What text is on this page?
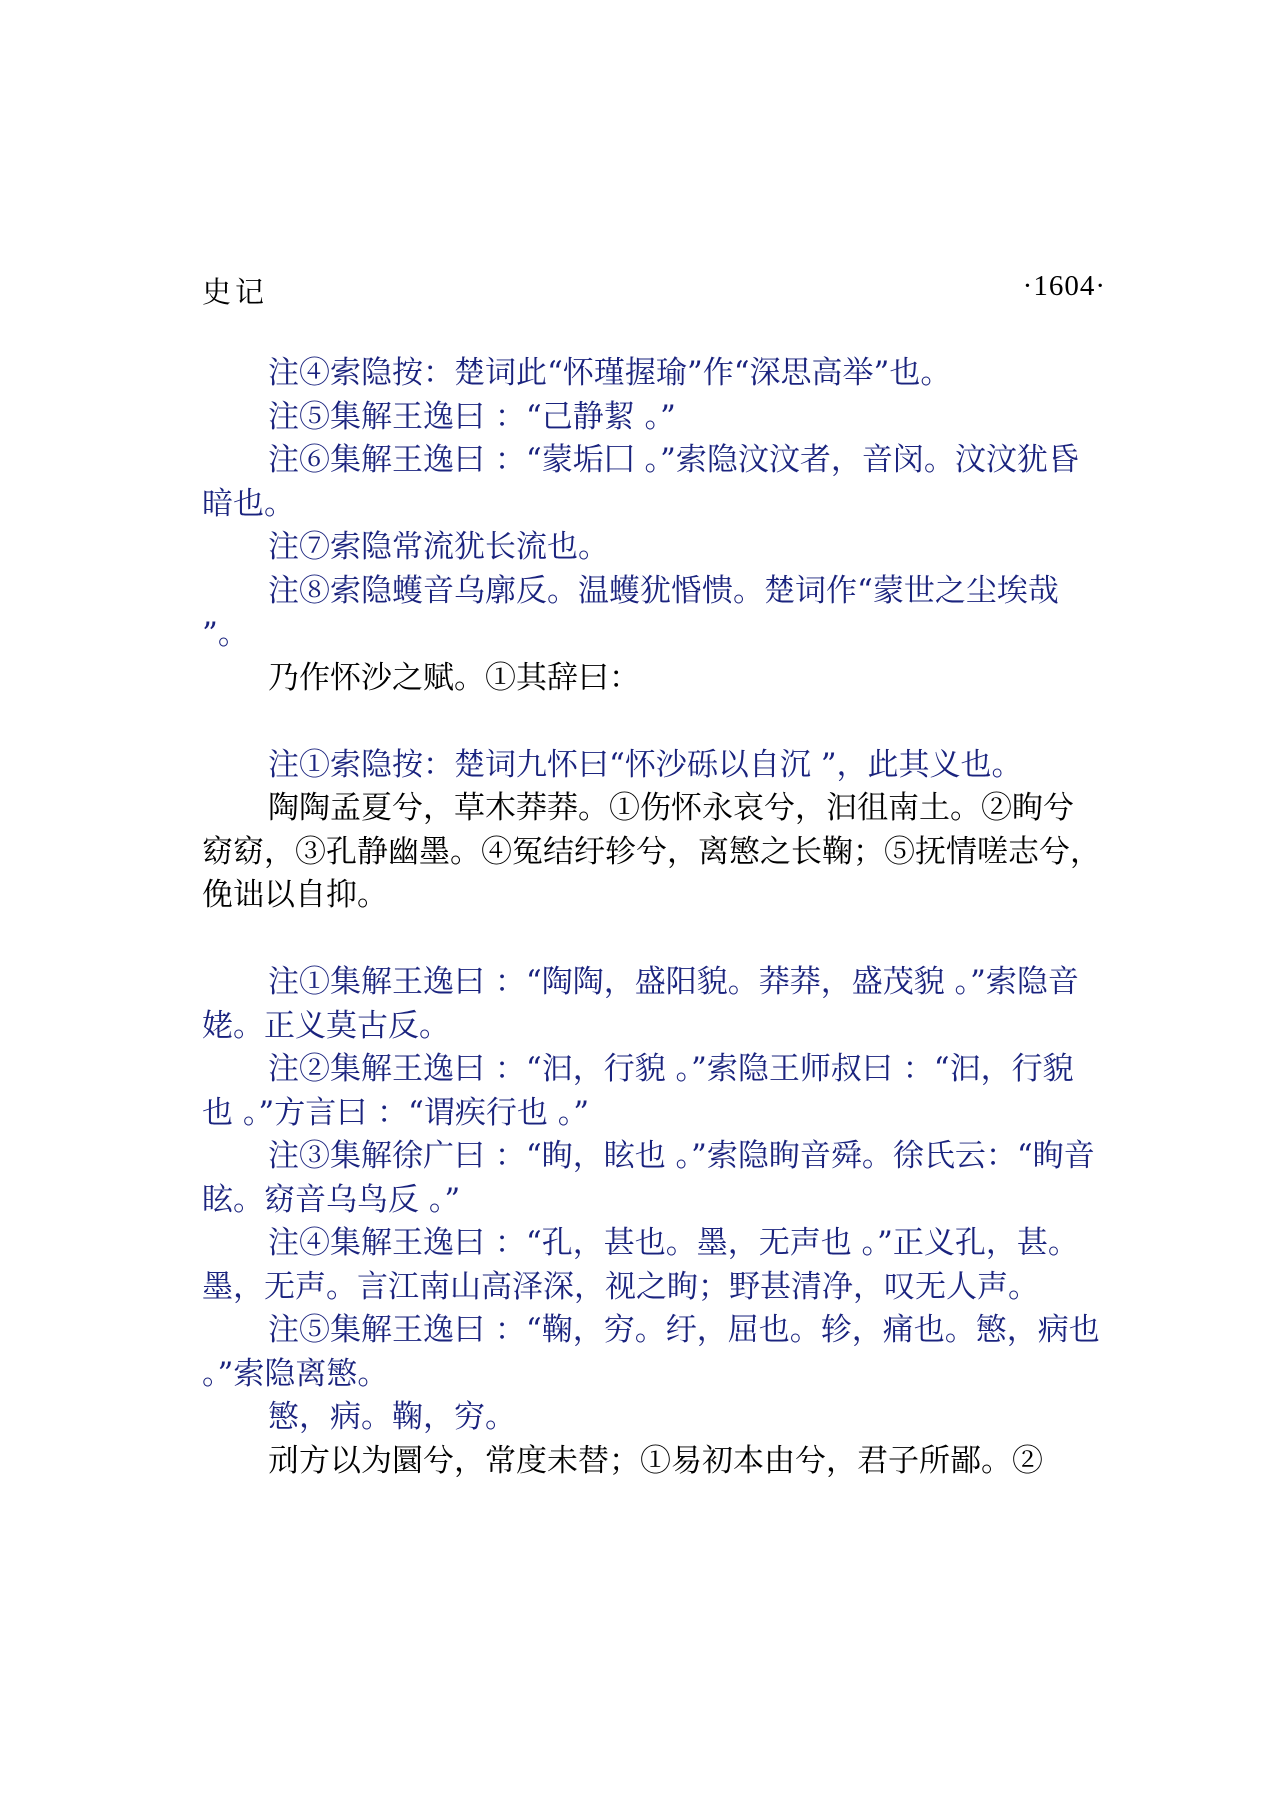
史记	·1604·

注④索隐按：楚词此“怀瑾握瑜”作“深思高举”也。

注⑤集解王逸曰 ：“己静絜 。”

注⑥集解王逸曰 ：“蒙垢囗 。”索隐汶汶者，音闵。汶汶犹昏暗也。

注⑦索隐常流犹长流也。

注⑧索隐蠖音乌廓反。温蠖犹惛愦。楚词作“蒙世之尘埃哉 ”。

乃作怀沙之赋。①其辞曰：

注①索隐按：楚词九怀曰“怀沙砾以自沉 ”，此其义也。

陶陶孟夏兮，草木莽莽。①伤怀永哀兮，汩徂南土。②眴兮窈窈，③孔静幽墨。④冤结纡轸兮，离慜之长鞠；⑤抚情嗟志兮，俛诎以自抑。

注①集解王逸曰 ：“陶陶，盛阳貌。莽莽，盛茂貌 。”索隐音姥。正义莫古反。

注②集解王逸曰 ：“汩，行貌 。”索隐王师叔曰 ：“汩，行貌也 。”方言曰 ：“谓疾行也 。”

注③集解徐广曰 ：“眴，眩也 。”索隐眴音舜。徐氏云：“眴音眩。窈音乌鸟反 。”

注④集解王逸曰 ：“孔，甚也。墨，无声也 。”正义孔，甚。墨，无声。言江南山高泽深，视之眴；野甚清净，叹无人声。

注⑤集解王逸曰 ：“鞠，穷。纡，屈也。轸，痛也。慜，病也 。”索隐离慜。

慜，病。鞠，穷。

刓方以为圜兮，常度未替；①易初本由兮，君子所鄙。②
